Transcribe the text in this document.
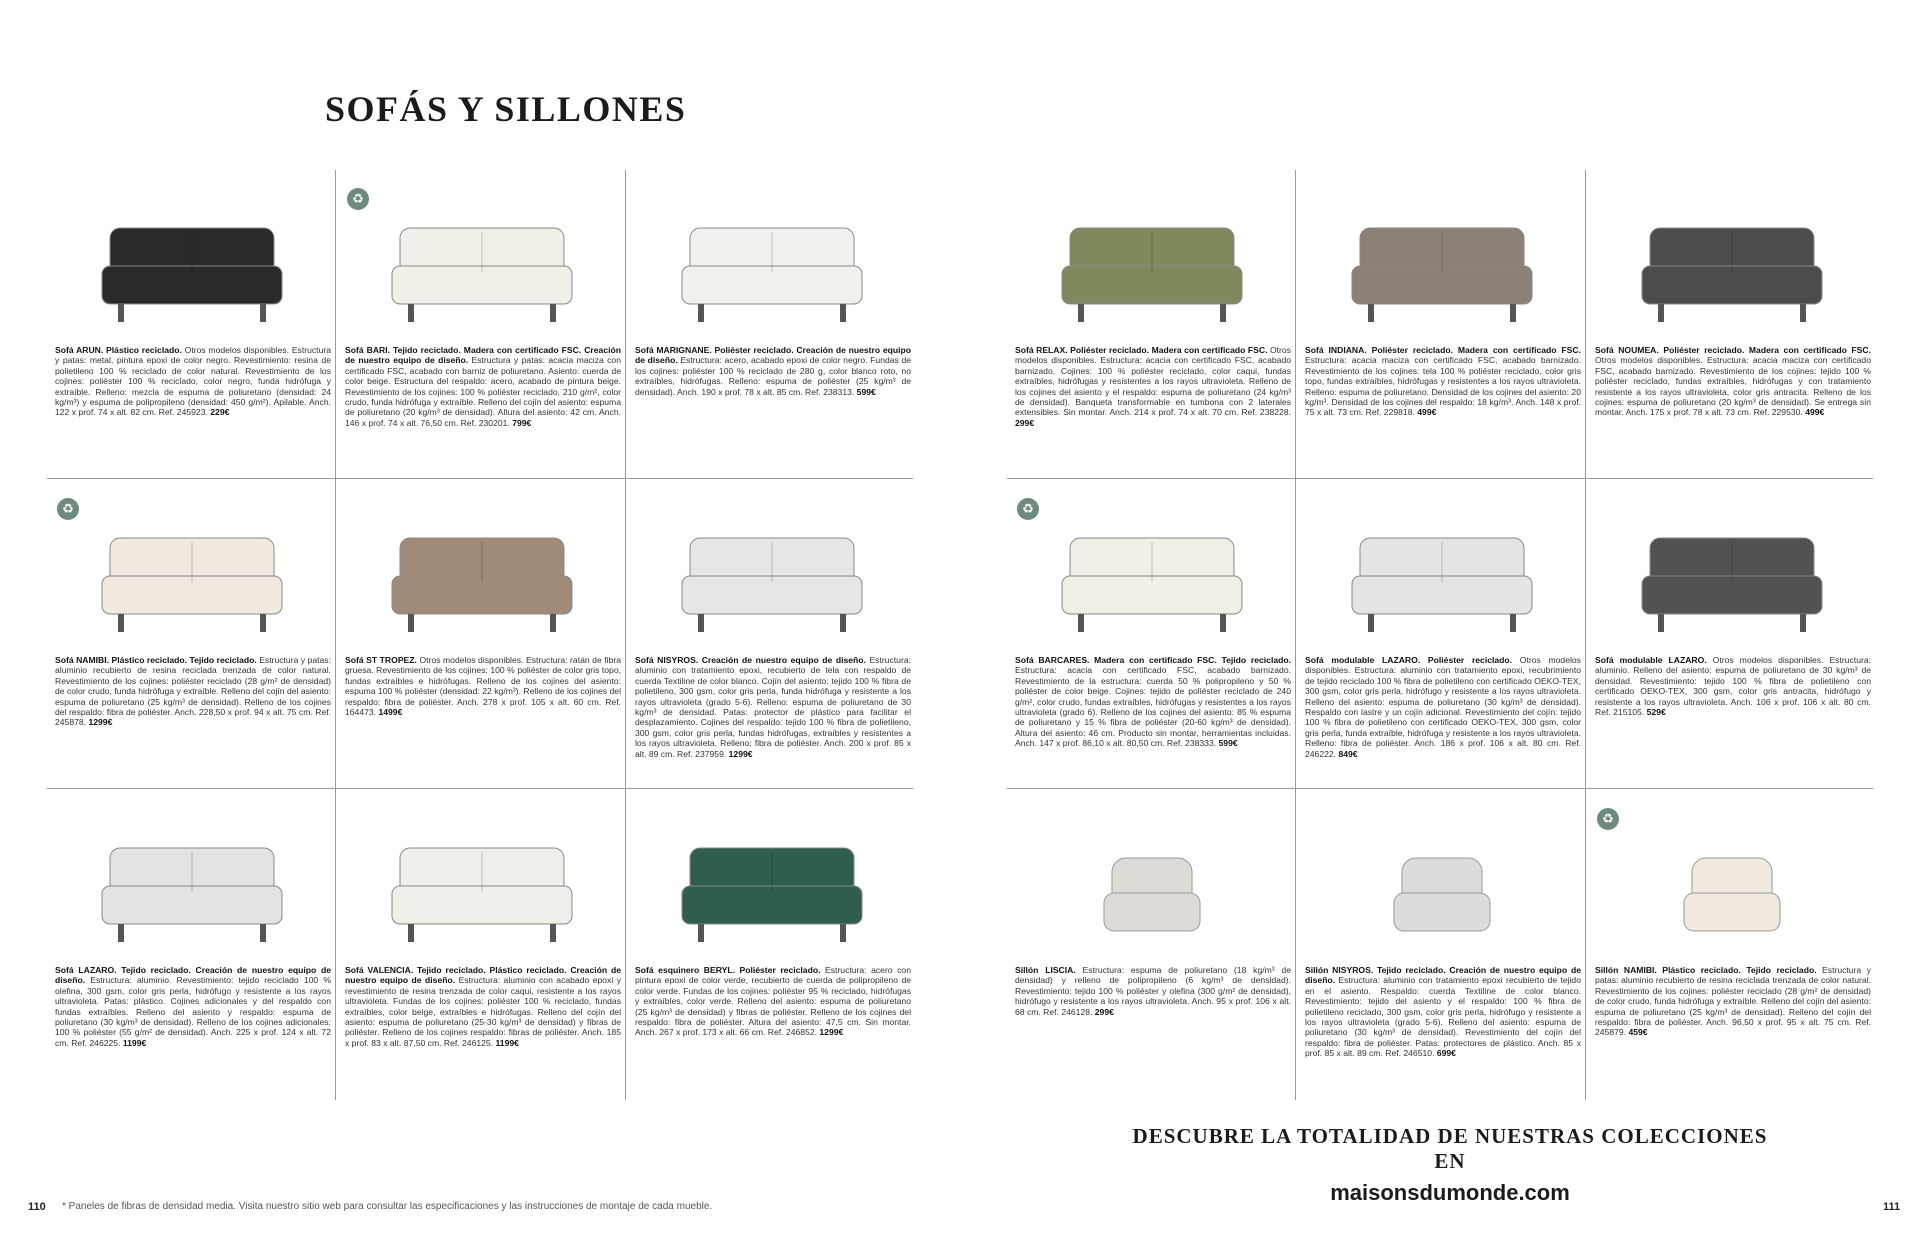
SOFÁS Y SILLONES
Sofá ARUN. Plástico reciclado. Otros modelos disponibles. Estructura y patas: metal, pintura epoxi de color negro. Revestimiento: resina de polietileno 100 % reciclado de color natural. Revestimiento de los cojines: poliéster 100 % reciclado, color negro, funda hidrófuga y extraíble. Relleno: mezcla de espuma de poliuretano (densidad: 24 kg/m³) y espuma de polipropileno (densidad: 450 g/m²). Apilable. Anch. 122 x prof. 74 x alt. 82 cm. Ref. 245923. 229€
♻
Sofá BARI. Tejido reciclado. Madera con certificado FSC. Creación de nuestro equipo de diseño. Estructura y patas: acacia maciza con certificado FSC, acabado con barniz de poliuretano. Asiento: cuerda de color beige. Estructura del respaldo: acero, acabado de pintura beige. Revestimiento de los cojines: 100 % poliéster reciclado, 210 g/m², color crudo, funda hidrófuga y extraíble. Relleno del cojín del asiento: espuma de poliuretano (20 kg/m³ de densidad). Altura del asiento: 42 cm. Anch. 146 x prof. 74 x alt. 76,50 cm. Ref. 230201. 799€
Sofá MARIGNANE. Poliéster reciclado. Creación de nuestro equipo de diseño. Estructura: acero, acabado epoxi de color negro. Fundas de los cojines: poliéster 100 % reciclado de 280 g, color blanco roto, no extraíbles, hidrófugas. Relleno: espuma de poliéster (25 kg/m³ de densidad). Anch. 190 x prof. 78 x alt. 85 cm. Ref. 238313. 599€
♻
Sofá NAMIBI. Plástico reciclado. Tejido reciclado. Estructura y patas: aluminio recubierto de resina reciclada trenzada de color natural. Revestimiento de los cojines: poliéster reciclado (28 g/m² de densidad) de color crudo, funda hidrófuga y extraíble. Relleno del cojín del asiento: espuma de poliuretano (25 kg/m³ de densidad). Relleno de los cojines del respaldo: fibra de poliéster. Anch. 228,50 x prof. 94 x alt. 75 cm. Ref. 245878. 1299€
Sofá ST TROPEZ. Otros modelos disponibles. Estructura: ratán de fibra gruesa. Revestimiento de los cojines: 100 % poliéster de color gris topo, fundas extraíbles e hidrófugas. Relleno de los cojines del asiento: espuma 100 % poliéster (densidad: 22 kg/m³). Relleno de los cojines del respaldo: fibra de poliéster. Anch. 278 x prof. 105 x alt. 60 cm. Ref. 164473. 1499€
Sofá NISYROS. Creación de nuestro equipo de diseño. Estructura: aluminio con tratamiento epoxi, recubierto de tela con respaldo de cuerda Textiline de color blanco. Cojín del asiento: tejido 100 % fibra de polietileno, 300 gsm, color gris perla, funda hidrófuga y resistente a los rayos ultravioleta (grado 5-6). Relleno: espuma de poliuretano de 30 kg/m³ de densidad. Patas: protector de plástico para facilitar el desplazamiento. Cojines del respaldo: tejido 100 % fibra de polietileno, 300 gsm, color gris perla, fundas hidrófugas, extraíbles y resistentes a los rayos ultravioleta. Relleno: fibra de poliéster. Anch. 200 x prof. 85 x alt. 89 cm. Ref. 237959. 1299€
Sofá LAZARO. Tejido reciclado. Creación de nuestro equipo de diseño. Estructura: aluminio. Revestimiento: tejido reciclado 100 % olefina, 300 gsm, color gris perla, hidrófugo y resistente a los rayos ultravioleta. Patas: plástico. Cojines adicionales y del respaldo con fundas extraíbles. Relleno del asiento y respaldo: espuma de poliuretano (30 kg/m³ de densidad). Relleno de los cojines adicionales: 100 % poliéster (55 g/m² de densidad). Anch. 225 x prof. 124 x alt. 72 cm. Ref. 246225. 1199€
Sofá VALENCIA. Tejido reciclado. Plástico reciclado. Creación de nuestro equipo de diseño. Estructura: aluminio con acabado epoxi y revestimiento de resina trenzada de color caqui, resistente a los rayos ultravioleta. Fundas de los cojines: poliéster 100 % reciclado, fundas extraíbles, color beige, extraíbles e hidrófugas. Relleno del cojín del asiento: espuma de poliuretano (25-30 kg/m³ de densidad) y fibras de poliéster. Relleno de los cojines respaldo: fibras de poliéster. Anch. 185 x prof. 83 x alt. 87,50 cm. Ref. 246125. 1199€
Sofá esquinero BERYL. Poliéster reciclado. Estructura: acero con pintura epoxi de color verde, recubierto de cuerda de polipropileno de color verde. Fundas de los cojines: poliéster 95 % reciclado, hidrófugas y extraíbles, color verde. Relleno del asiento: espuma de poliuretano (25 kg/m³ de densidad) y fibras de poliéster. Relleno de los cojines del respaldo: fibra de poliéster. Altura del asiento: 47,5 cm. Sin montar. Anch. 267 x prof. 173 x alt. 66 cm. Ref. 246852. 1299€
Sofá RELAX. Poliéster reciclado. Madera con certificado FSC. Otros modelos disponibles. Estructura: acacia con certificado FSC, acabado barnizado. Cojines: 100 % poliéster reciclado, color caqui, fundas extraíbles, hidrófugas y resistentes a los rayos ultravioleta. Relleno de los cojines del asiento y el respaldo: espuma de poliuretano (24 kg/m³ de densidad). Banqueta transformable en tumbona con 2 laterales extensibles. Sin montar. Anch. 214 x prof. 74 x alt. 70 cm. Ref. 238228. 299€
Sofá INDIANA. Poliéster reciclado. Madera con certificado FSC. Estructura: acacia maciza con certificado FSC, acabado barnizado. Revestimiento de los cojines: tela 100 % poliéster reciclado, color gris topo, fundas extraíbles, hidrófugas y resistentes a los rayos ultravioleta. Relleno: espuma de poliuretano. Densidad de los cojines del asiento: 20 kg/m³. Densidad de los cojines del respaldo: 18 kg/m³. Anch. 148 x prof. 75 x alt. 73 cm. Ref. 229818. 499€
Sofá NOUMEA. Poliéster reciclado. Madera con certificado FSC. Otros modelos disponibles. Estructura: acacia maciza con certificado FSC, acabado barnizado. Revestimiento de los cojines: tejido 100 % poliéster reciclado, fundas extraíbles, hidrófugas y con tratamiento resistente a los rayos ultravioleta, color gris antracita. Relleno de los cojines: espuma de poliuretano (20 kg/m³ de densidad). Se entrega sin montar. Anch. 175 x prof. 78 x alt. 73 cm. Ref. 229530. 499€
♻
Sofá BARCARES. Madera con certificado FSC. Tejido reciclado. Estructura: acacia con certificado FSC, acabado barnizado. Revestimiento de la estructura: cuerda 50 % polipropileno y 50 % poliéster de color beige. Cojines: tejido de poliéster reciclado de 240 g/m², color crudo, fundas extraíbles, hidrófugas y resistentes a los rayos ultravioleta (grado 6). Relleno de los cojines del asiento: 85 % espuma de poliuretano y 15 % fibra de poliéster (20-60 kg/m³ de densidad). Altura del asiento: 46 cm. Producto sin montar, herramientas incluidas. Anch. 147 x prof. 86,10 x alt. 80,50 cm. Ref. 238333. 599€
Sofá modulable LAZARO. Poliéster reciclado. Otros modelos disponibles. Estructura: aluminio con tratamiento epoxi, recubrimiento de tejido reciclado 100 % fibra de polietileno con certificado OEKO-TEX, 300 gsm, color gris perla, hidrófugo y resistente a los rayos ultravioleta. Relleno del asiento: espuma de poliuretano (30 kg/m³ de densidad). Respaldo con lastre y un cojín adicional. Revestimiento del cojín: tejido 100 % fibra de polietileno con certificado OEKO-TEX, 300 gsm, color gris perla, funda extraíble, hidrófuga y resistente a los rayos ultravioleta. Relleno: fibra de poliéster. Anch. 186 x prof. 106 x alt. 80 cm. Ref. 246222. 849€
Sofá modulable LAZARO. Otros modelos disponibles. Estructura: aluminio. Relleno del asiento: espuma de poliuretano de 30 kg/m³ de densidad. Revestimiento: tejido 100 % fibra de polietileno con certificado OEKO-TEX, 300 gsm, color gris antracita, hidrófugo y resistente a los rayos ultravioleta. Anch. 106 x prof. 106 x alt. 80 cm. Ref. 215105. 529€
Sillón LISCIA. Estructura: espuma de poliuretano (18 kg/m³ de densidad) y relleno de polipropileno (6 kg/m³ de densidad). Revestimiento: tejido 100 % poliéster y olefina (300 g/m² de densidad), hidrófugo y resistente a los rayos ultravioleta. Anch. 95 x prof. 106 x alt. 68 cm. Ref. 246128. 299€
Sillón NISYROS. Tejido reciclado. Creación de nuestro equipo de diseño. Estructura: aluminio con tratamiento epoxi recubierto de tejido en el asiento. Respaldo: cuerda Textiline de color blanco. Revestimiento: tejido del asiento y el respaldo: 100 % fibra de polietileno reciclado, 300 gsm, color gris perla, hidrófugo y resistente a los rayos ultravioleta (grado 5-6). Relleno del asiento: espuma de poliuretano (30 kg/m³ de densidad). Revestimiento del cojín del respaldo: fibra de poliéster. Patas: protectores de plástico. Anch. 85 x prof. 85 x alt. 89 cm. Ref. 246510. 699€
♻
Sillón NAMIBI. Plástico reciclado. Tejido reciclado. Estructura y patas: aluminio recubierto de resina reciclada trenzada de color natural. Revestimiento de los cojines: poliéster reciclado (28 g/m² de densidad) de color crudo, funda hidrófuga y extraíble. Relleno del cojín del asiento: espuma de poliuretano (25 kg/m³ de densidad). Relleno del cojín del respaldo: fibra de poliéster. Anch. 96,50 x prof. 95 x alt. 75 cm. Ref. 245879. 459€

DESCUBRE LA TOTALIDAD DE NUESTRAS COLECCIONES EN

maisonsdumonde.com

110 * Paneles de fibras de densidad media. Visita nuestro sitio web para consultar las especificaciones y las instrucciones de montaje de cada mueble.	111
